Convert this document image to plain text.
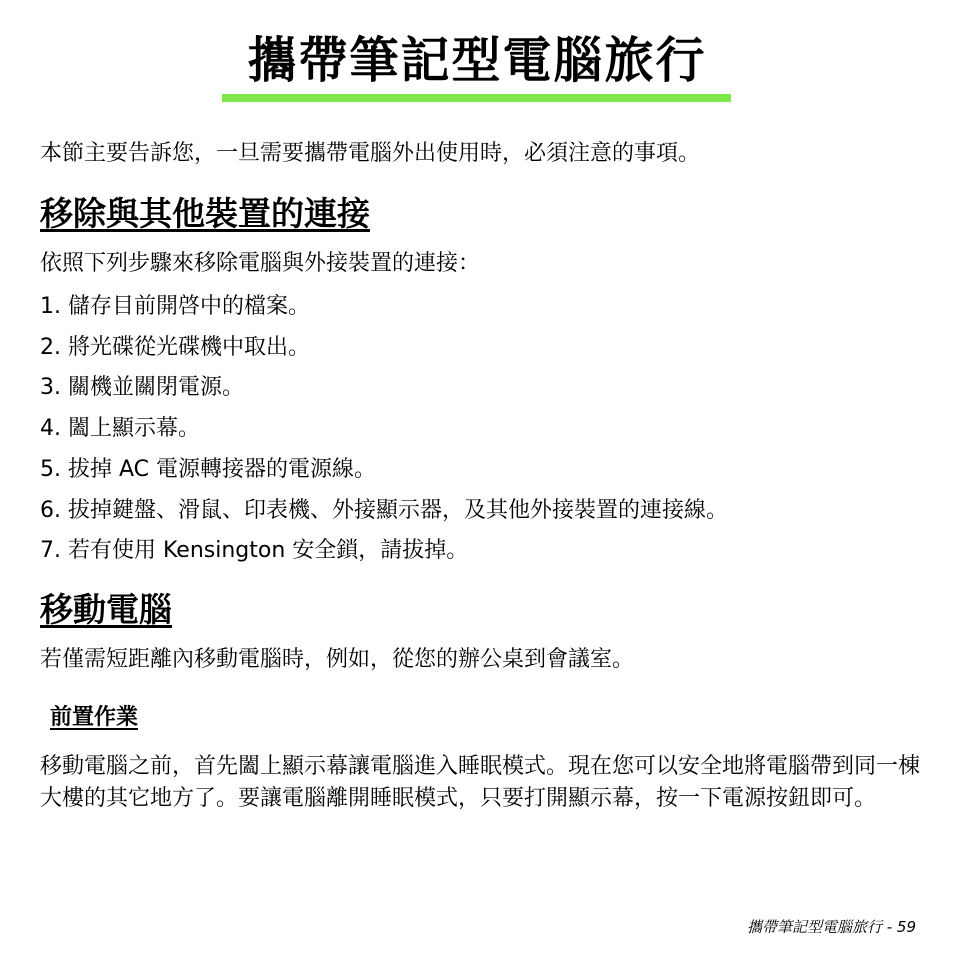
攜帶筆記型電腦旅行

本節主要告訴您，一旦需要攜帶電腦外出使用時，必須注意的事項。

移除與其他裝置的連接

依照下列步驟來移除電腦與外接裝置的連接：

1. 儲存目前開啓中的檔案。
2. 將光碟從光碟機中取出。
3. 關機並關閉電源。
4. 闔上顯示幕。
5. 拔掉 AC 電源轉接器的電源線。
6. 拔掉鍵盤、滑鼠、印表機、外接顯示器，及其他外接裝置的連接線。
7. 若有使用 Kensington 安全鎖，請拔掉。
移動電腦

若僅需短距離內移動電腦時，例如，從您的辦公桌到會議室。

前置作業

移動電腦之前，首先闔上顯示幕讓電腦進入睡眠模式。現在您可以安全地將電腦帶到同一棟大樓的其它地方了。要讓電腦離開睡眠模式，只要打開顯示幕，按一下電源按鈕即可。

攜帶筆記型電腦旅行 - 59
